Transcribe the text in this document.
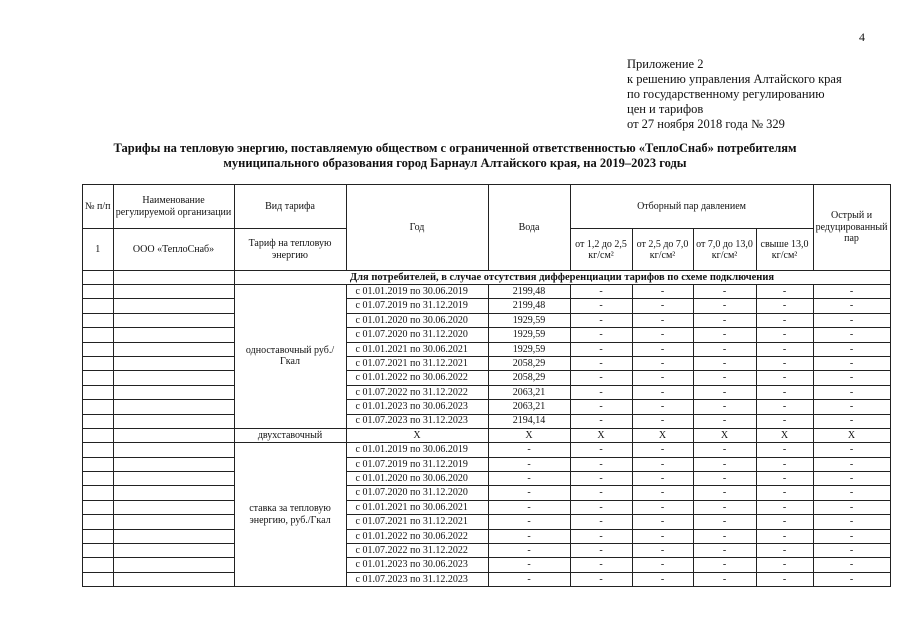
4
Приложение 2
к решению управления Алтайского края
по государственному регулированию
цен и тарифов
от 27 ноября 2018 года № 329
Тарифы на тепловую энергию, поставляемую обществом с ограниченной ответственностью «ТеплоСнаб» потребителям
муниципального образования город Барнаул Алтайского края, на 2019–2023 годы
№ п/п	Наименование регулируемой организации	Вид тарифа	Год	Вода	Отборный пар давлением				Острый и редуцированный пар
1	ООО «ТеплоСнаб»	Тариф на тепловую энергию			от 1,2 до 2,5 кг/см²	от 2,5 до 7,0 кг/см²	от 7,0 до 13,0 кг/см²	свыше 13,0 кг/см²	
		Для потребителей, в случае отсутствия дифференциации тарифов по схеме подключения							
		одноставочный руб./Гкал	с 01.01.2019 по 30.06.2019	2199,48	-	-	-	-	-
			с 01.07.2019 по 31.12.2019	2199,48	-	-	-	-	-
			с 01.01.2020 по 30.06.2020	1929,59	-	-	-	-	-
			с 01.07.2020 по 31.12.2020	1929,59	-	-	-	-	-
			с 01.01.2021 по 30.06.2021	1929,59	-	-	-	-	-
			с 01.07.2021 по 31.12.2021	2058,29	-	-	-	-	-
			с 01.01.2022 по 30.06.2022	2058,29	-	-	-	-	-
			с 01.07.2022 по 31.12.2022	2063,21	-	-	-	-	-
			с 01.01.2023 по 30.06.2023	2063,21	-	-	-	-	-
			с 01.07.2023 по 31.12.2023	2194,14	-	-	-	-	-
		двухставочный	X	X	X	X	X	X	X
		ставка за тепловую энергию, руб./Гкал	с 01.01.2019 по 30.06.2019	-	-	-	-	-	-
			с 01.07.2019 по 31.12.2019	-	-	-	-	-	-
			с 01.01.2020 по 30.06.2020	-	-	-	-	-	-
			с 01.07.2020 по 31.12.2020	-	-	-	-	-	-
			с 01.01.2021 по 30.06.2021	-	-	-	-	-	-
			с 01.07.2021 по 31.12.2021	-	-	-	-	-	-
			с 01.01.2022 по 30.06.2022	-	-	-	-	-	-
			с 01.07.2022 по 31.12.2022	-	-	-	-	-	-
			с 01.01.2023 по 30.06.2023	-	-	-	-	-	-
			с 01.07.2023 по 31.12.2023	-	-	-	-	-	-
